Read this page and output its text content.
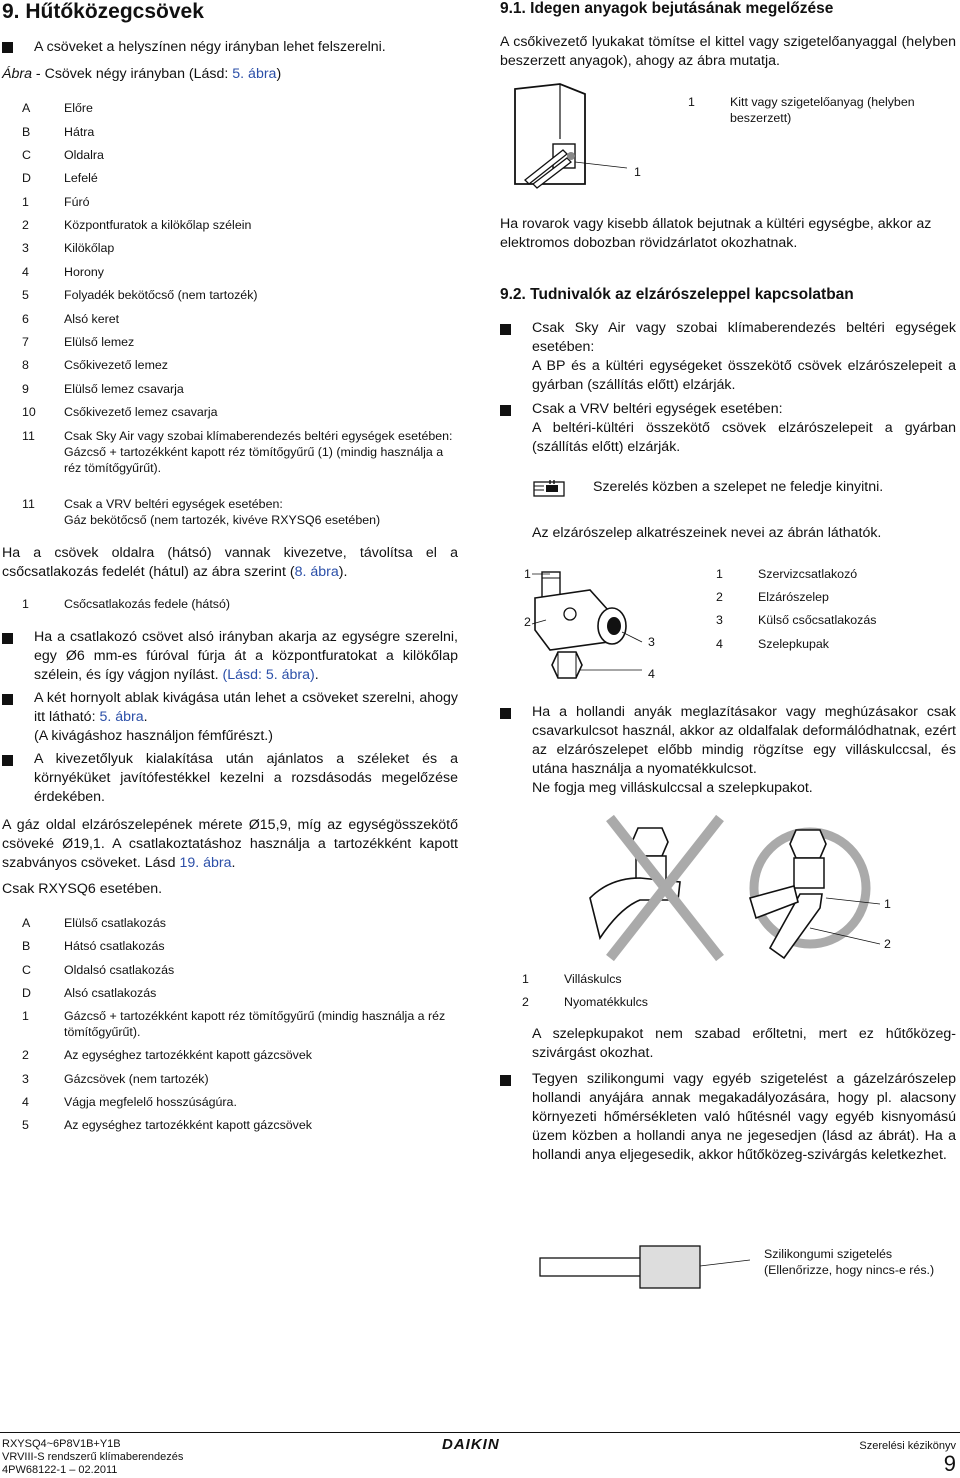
9. Hűtőközegcsövek
A csöveket a helyszínen négy irányban lehet felszerelni.
Ábra - Csövek négy irányban (Lásd: 5. ábra)
A	Előre
B	Hátra
C	Oldalra
D	Lefelé
1	Fúró
2	Központfuratok a kilökőlap szélein
3	Kilökőlap
4	Horony
5	Folyadék bekötőcső (nem tartozék)
6	Alsó keret
7	Elülső lemez
8	Csőkivezető lemez
9	Elülső lemez csavarja
10	Csőkivezető lemez csavarja
11	Csak Sky Air vagy szobai klímaberendezés beltéri egységek esetében:
Gázcső + tartozékként kapott réz tömítőgyűrű (1) (mindig használja a réz tömítőgyűrűt).
11	Csak a VRV beltéri egységek esetében:
Gáz bekötőcső (nem tartozék, kivéve RXYSQ6 esetében)
Ha a csövek oldalra (hátsó) vannak kivezetve, távolítsa el a csőcsatlakozás fedelét (hátul) az ábra szerint (8. ábra).
1	Csőcsatlakozás fedele (hátsó)
Ha a csatlakozó csövet alsó irányban akarja az egységre szerelni, egy Ø6 mm-es fúróval fúrja át a központfuratokat a kilökőlap szélein, és így vágjon nyílást. (Lásd: 5. ábra).
A két hornyolt ablak kivágása után lehet a csöveket szerelni, ahogy itt látható: 5. ábra.
(A kivágáshoz használjon fémfűrészt.)
A kivezetőlyuk kialakítása után ajánlatos a széleket és a környéküket javítófestékkel kezelni a rozsdásodás megelőzése érdekében.
A gáz oldal elzárószelepének mérete Ø15,9, míg az egységösszekötő csöveké Ø19,1. A csatlakoztatáshoz használja a tartozékként kapott szabványos csöveket. Lásd 19. ábra.
Csak RXYSQ6 esetében.
A	Elülső csatlakozás
B	Hátsó csatlakozás
C	Oldalsó csatlakozás
D	Alsó csatlakozás
1	Gázcső + tartozékként kapott réz tömítőgyűrű (mindig használja a réz tömítőgyűrűt).
2	Az egységhez tartozékként kapott gázcsövek
3	Gázcsövek (nem tartozék)
4	Vágja megfelelő hosszúságúra.
5	Az egységhez tartozékként kapott gázcsövek
9.1. Idegen anyagok bejutásának megelőzése
A csőkivezető lyukakat tömítse el kittel vagy szigetelőanyaggal (helyben beszerzett anyagok), ahogy az ábra mutatja.
1
1	Kitt vagy szigetelőanyag (helyben beszerzett)
Ha rovarok vagy kisebb állatok bejutnak a kültéri egységbe, akkor az elektromos dobozban rövidzárlatot okozhatnak.
9.2. Tudnivalók az elzárószeleppel kapcsolatban
Csak Sky Air vagy szobai klímaberendezés beltéri egységek esetében:
A BP és a kültéri egységeket összekötő csövek elzárószelepeit a gyárban (szállítás előtt) elzárják.
Csak a VRV beltéri egységek esetében:
A beltéri-kültéri összekötő csövek elzárószelepeit a gyárban (szállítás előtt) elzárják.
Szerelés közben a szelepet ne feledje kinyitni.
Az elzárószelep alkatrészeinek nevei az ábrán láthatók.
1
2
3
4
1	Szervizcsatlakozó
2	Elzárószelep
3	Külső csőcsatlakozás
4	Szelepkupak
Ha a hollandi anyák meglazításakor vagy meghúzásakor csak csavarkulcsot használ, akkor az oldalfalak deformálódhatnak, ezért az elzárószelepet előbb mindig rögzítse egy villáskulccsal, és utána használja a nyomatékkulcsot.
Ne fogja meg villáskulccsal a szelepkupakot.
1
2
1	Villáskulcs
2	Nyomatékkulcs
A szelepkupakot nem szabad erőltetni, mert ez hűtőközeg-szivárgást okozhat.
Tegyen szilikongumi vagy egyéb szigetelést a gázelzárószelep hollandi anyájára annak megakadályozására, hogy pl. alacsony környezeti hőmérsékleten való hűtésnél vagy egyéb kisnyomású üzem közben a hollandi anya ne jegesedjen (lásd az ábrát). Ha a hollandi anya eljegesedik, akkor hűtőközeg-szivárgás keletkezhet.
Szilikongumi szigetelés
(Ellenőrizze, hogy nincs-e rés.)
RXYSQ4~6P8V1B+Y1B
VRVIII-S rendszerű klímaberendezés
4PW68122-1 – 02.2011
DAIKIN	Szerelési kézikönyv
9
